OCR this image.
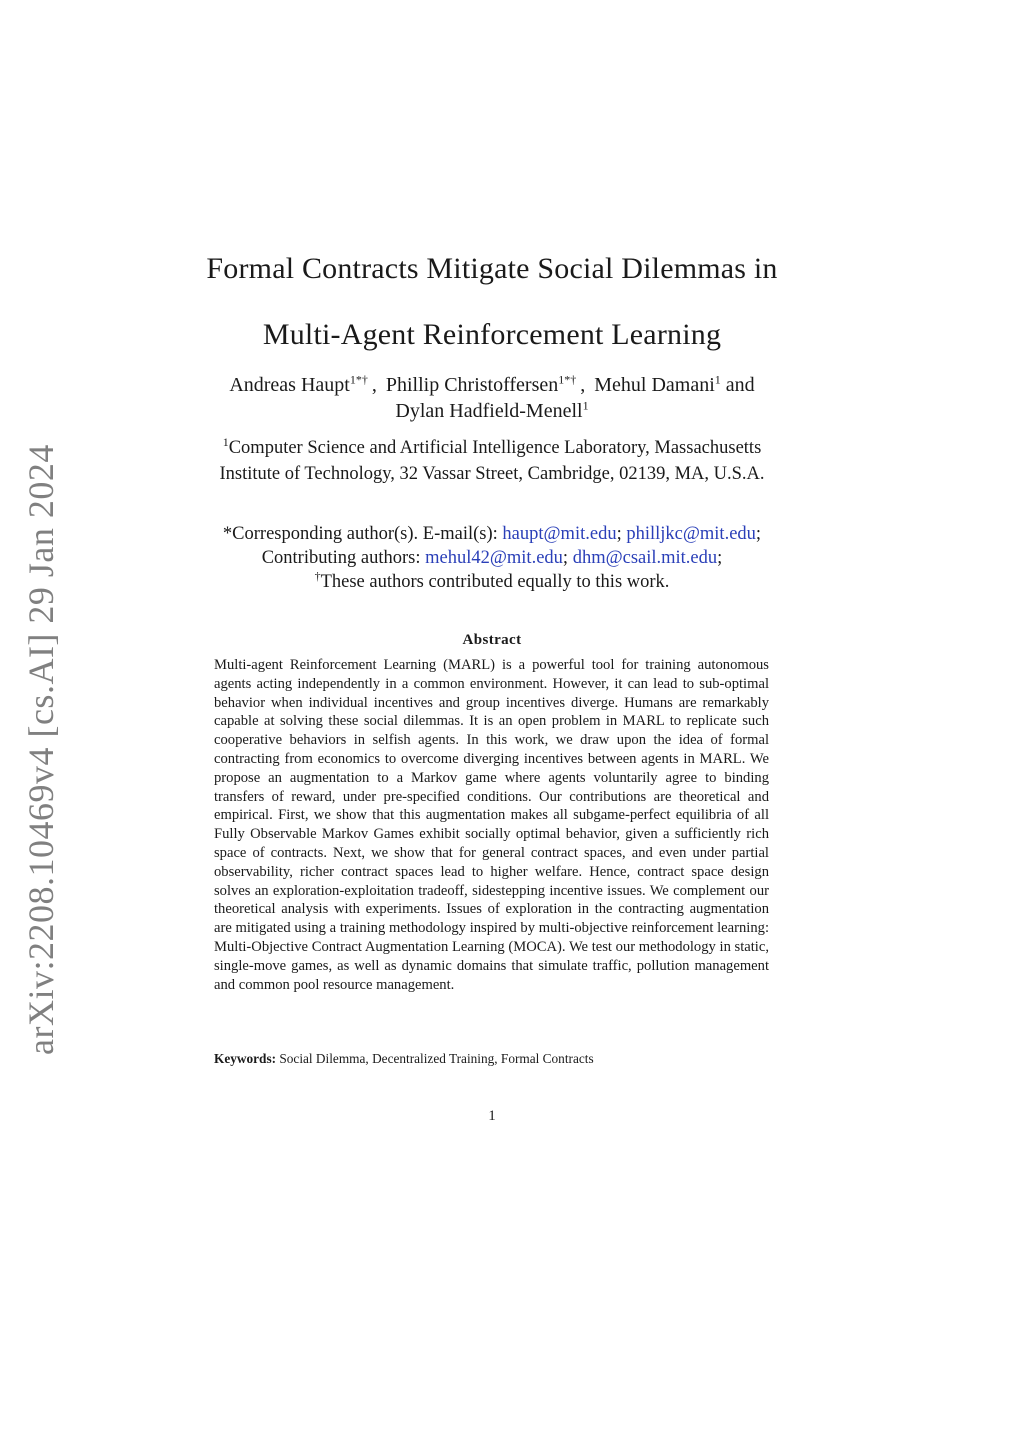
arXiv:2208.10469v4 [cs.AI] 29 Jan 2024
Formal Contracts Mitigate Social Dilemmas in
Multi-Agent Reinforcement Learning
Andreas Haupt$^{1*\dagger}$ , Phillip Christoffersen$^{1*\dagger}$ , Mehul Damani$^1$ and
Dylan Hadfield-Menell$^1$
$^1$Computer Science and Artificial Intelligence Laboratory, Massachusetts
Institute of Technology, 32 Vassar Street, Cambridge, 02139, MA, U.S.A.
*Corresponding author(s). E-mail(s): haupt@mit.edu; philljkc@mit.edu;
Contributing authors: mehul42@mit.edu; dhm@csail.mit.edu;
†These authors contributed equally to this work.
Abstract

Multi-agent Reinforcement Learning (MARL) is a powerful tool for training autonomous agents acting independently in a common environment. However, it can lead to sub-optimal behavior when individual incentives and group incentives diverge. Humans are remarkably capable at solving these social dilemmas. It is an open problem in MARL to replicate such cooperative behaviors in selfish agents. In this work, we draw upon the idea of formal contracting from economics to overcome diverging incentives between agents in MARL. We propose an augmentation to a Markov game where agents voluntarily agree to binding transfers of reward, under pre-specified conditions. Our contributions are theoretical and empirical. First, we show that this augmentation makes all subgame-perfect equilibria of all Fully Observable Markov Games exhibit socially optimal behavior, given a sufficiently rich space of contracts. Next, we show that for general contract spaces, and even under partial observability, richer contract spaces lead to higher welfare. Hence, contract space design solves an exploration-exploitation tradeoff, sidestepping incentive issues. We complement our theoretical analysis with experiments. Issues of exploration in the contracting augmentation are mitigated using a training methodology inspired by multi-objective reinforcement learning: Multi-Objective Contract Augmentation Learning (MOCA). We test our methodology in static, single-move games, as well as dynamic domains that simulate traffic, pollution management and common pool resource management.

Keywords: Social Dilemma, Decentralized Training, Formal Contracts
1
